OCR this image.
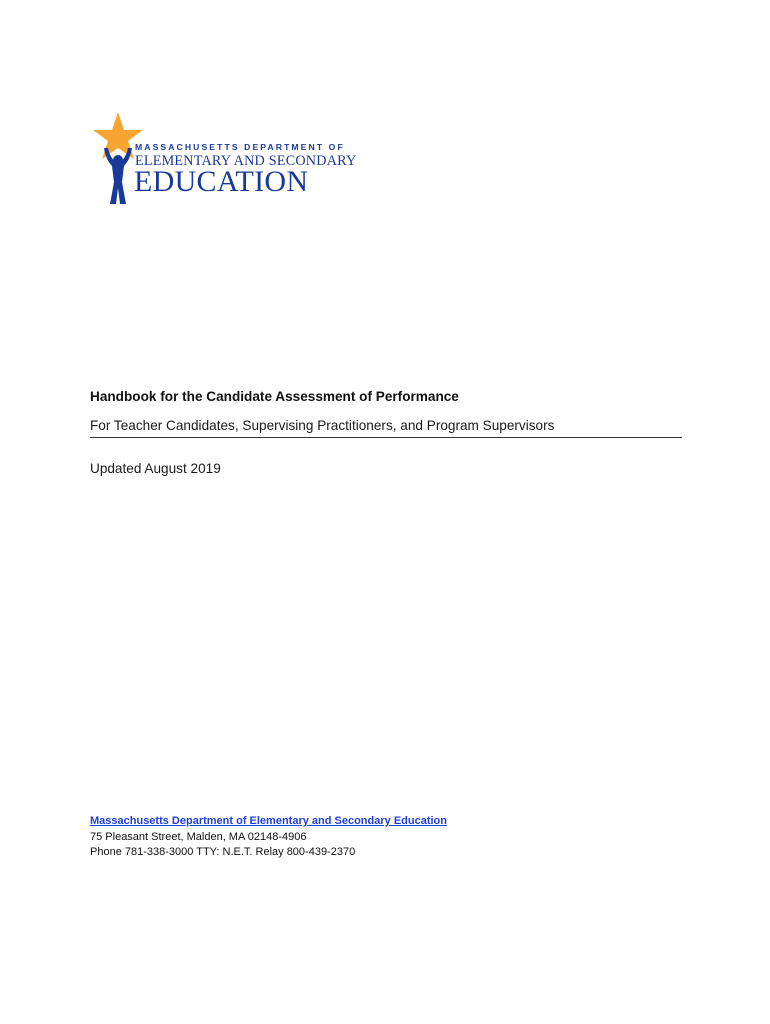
MASSACHUSETTS DEPARTMENT OF
ELEMENTARY AND SECONDARY
EDUCATION
Handbook for the Candidate Assessment of Performance
For Teacher Candidates, Supervising Practitioners, and Program Supervisors
Updated August 2019
Massachusetts Department of Elementary and Secondary Education
75 Pleasant Street, Malden, MA 02148-4906
Phone 781-338-3000 TTY: N.E.T. Relay 800-439-2370
